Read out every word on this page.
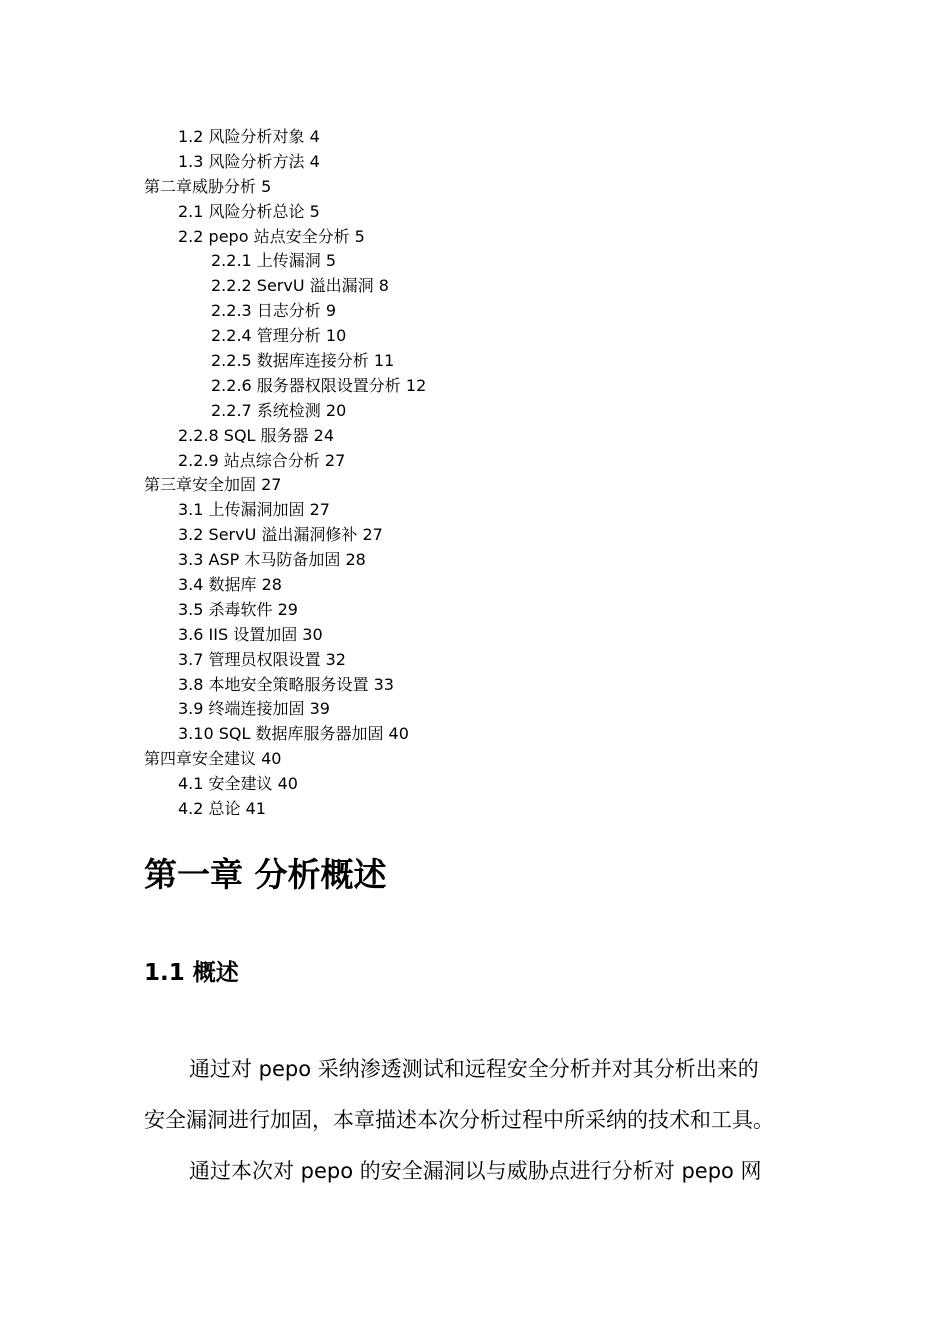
1.2 风险分析对象 4
1.3 风险分析方法 4
第二章威胁分析 5
2.1 风险分析总论 5
2.2 pepo 站点安全分析 5
2.2.1 上传漏洞 5
2.2.2 ServU 溢出漏洞 8
2.2.3 日志分析 9
2.2.4 管理分析 10
2.2.5 数据库连接分析 11
2.2.6 服务器权限设置分析 12
2.2.7 系统检测 20
2.2.8 SQL 服务器 24
2.2.9 站点综合分析 27
第三章安全加固 27
3.1 上传漏洞加固 27
3.2 ServU 溢出漏洞修补 27
3.3 ASP 木马防备加固 28
3.4 数据库 28
3.5 杀毒软件 29
3.6 IIS 设置加固 30
3.7 管理员权限设置 32
3.8 本地安全策略服务设置 33
3.9 终端连接加固 39
3.10 SQL 数据库服务器加固 40
第四章安全建议 40
4.1 安全建议 40
4.2 总论 41
第一章 分析概述
1.1 概述
通过对 pepo 采纳渗透测试和远程安全分析并对其分析出来的
安全漏洞进行加固，本章描述本次分析过程中所采纳的技术和工具。
通过本次对 pepo 的安全漏洞以与威胁点进行分析对 pepo 网
